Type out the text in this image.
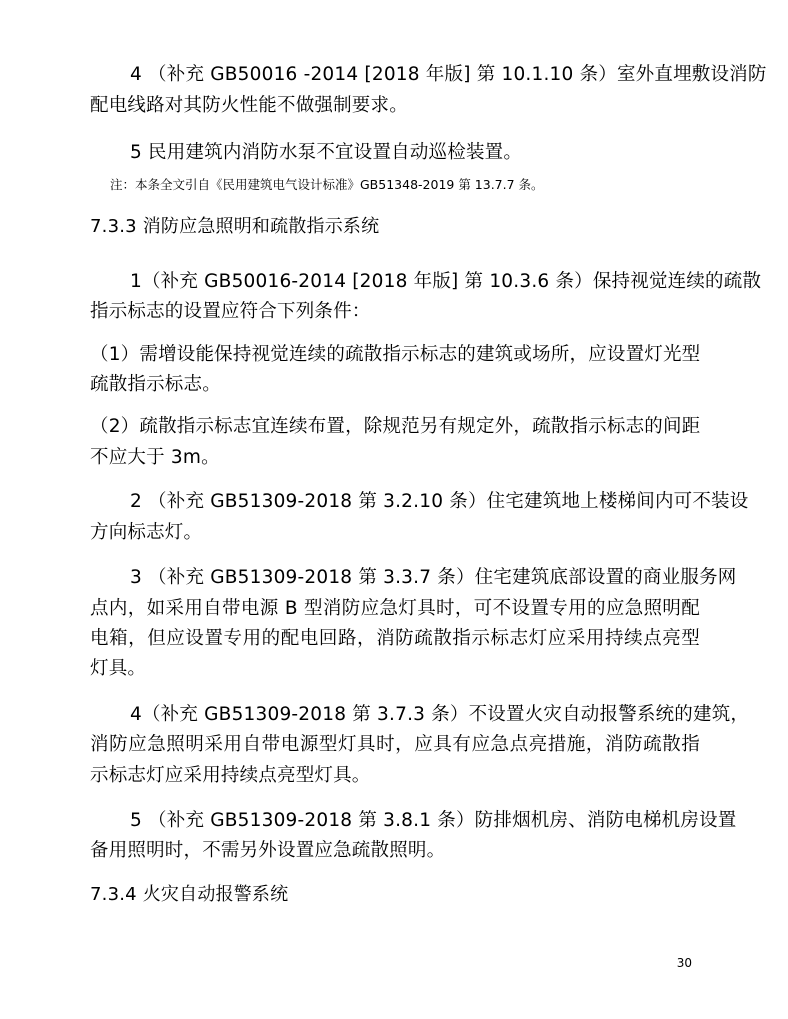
4 （补充 GB50016 -2014 [2018 年版] 第 10.1.10 条）室外直埋敷设消防
配电线路对其防火性能不做强制要求。
5 民用建筑内消防水泵不宜设置自动巡检装置。
注：本条全文引自《民用建筑电气设计标准》GB51348-2019 第 13.7.7 条。
7.3.3 消防应急照明和疏散指示系统
1（补充 GB50016-2014 [2018 年版] 第 10.3.6 条）保持视觉连续的疏散
指示标志的设置应符合下列条件：
（1）需增设能保持视觉连续的疏散指示标志的建筑或场所，应设置灯光型
疏散指示标志。
（2）疏散指示标志宜连续布置，除规范另有规定外，疏散指示标志的间距
不应大于 3m。
2 （补充 GB51309-2018 第 3.2.10 条）住宅建筑地上楼梯间内可不装设
方向标志灯。
3 （补充 GB51309-2018 第 3.3.7 条）住宅建筑底部设置的商业服务网
点内，如采用自带电源 B 型消防应急灯具时，可不设置专用的应急照明配
电箱，但应设置专用的配电回路，消防疏散指示标志灯应采用持续点亮型
灯具。
4（补充 GB51309-2018 第 3.7.3 条）不设置火灾自动报警系统的建筑，
消防应急照明采用自带电源型灯具时，应具有应急点亮措施，消防疏散指
示标志灯应采用持续点亮型灯具。
5 （补充 GB51309-2018 第 3.8.1 条）防排烟机房、消防电梯机房设置
备用照明时，不需另外设置应急疏散照明。
7.3.4 火灾自动报警系统
30
